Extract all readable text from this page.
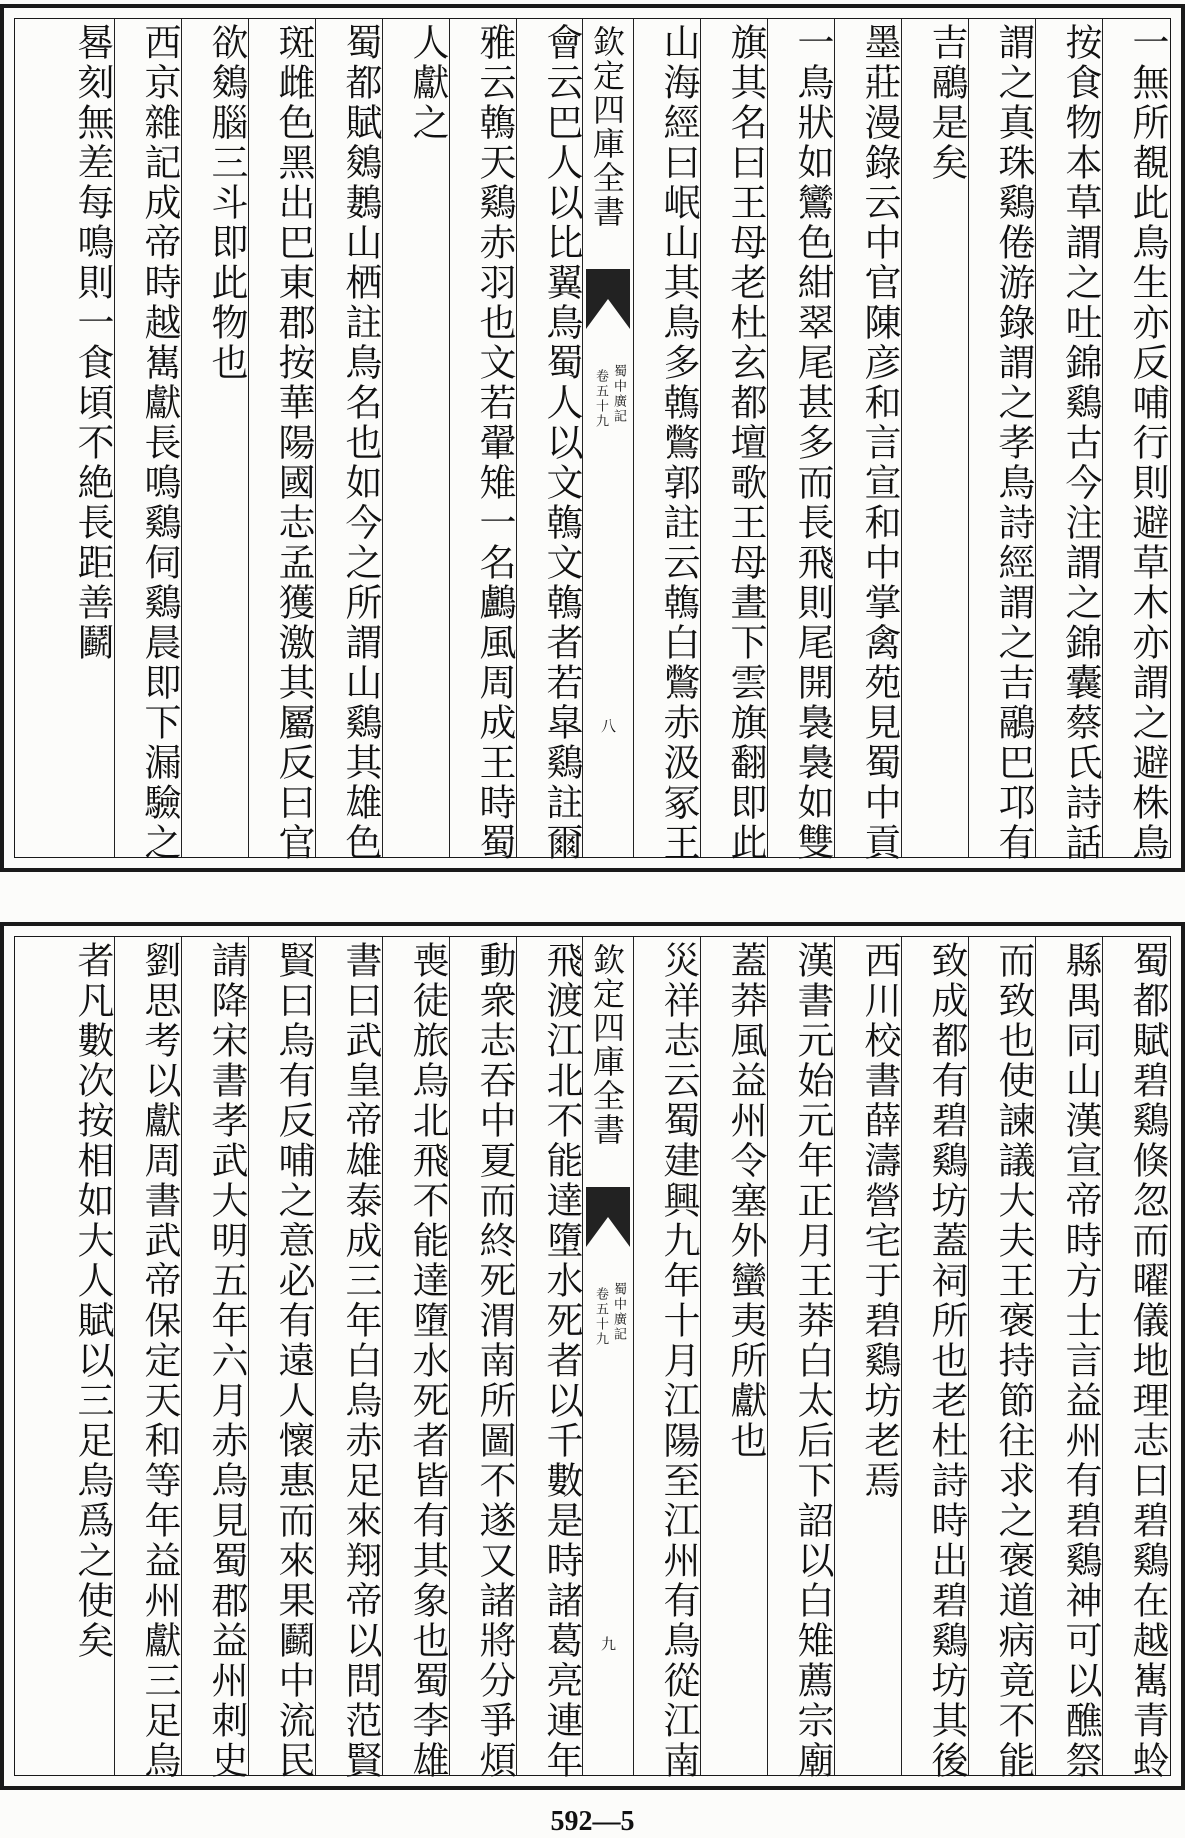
一無所覩此鳥生亦反哺行則避草木亦謂之避株鳥
按食物本草謂之吐錦鷄古今注謂之錦囊蔡氏詩話
謂之真珠鷄倦游錄謂之孝鳥詩經謂之吉鷊巴邛有
吉鷊是矣
墨莊漫錄云中官陳彦和言宣和中掌禽苑見蜀中貢
一鳥狀如鸞色紺翠尾甚多而長飛則尾開裊裊如雙
旗其名曰王母老杜玄都壇歌王母晝下雲旗翻即此
山海經曰岷山其鳥多鶾鷩郭註云鶾白鷩赤汲冢王
欽定四庫全書
蜀中廣記
卷五十九
八
會云巴人以比翼鳥蜀人以文鶾文鶾者若皐鷄註爾
雅云鶾天鷄赤羽也文若翬雉一名鸕風周成王時蜀
人獻之
蜀都賦鵕鶈山栖註鳥名也如今之所謂山鷄其雄色
斑雌色黑出巴東郡按華陽國志孟獲激其屬反曰官
欲鵕腦三斗即此物也
西京雜記成帝時越嶲獻長鳴鷄伺鷄晨即下漏驗之
晷刻無差每鳴則一食頃不絶長距善鬬
蜀都賦碧鷄倏忽而曜儀地理志曰碧鷄在越嶲青蛉
縣禺同山漢宣帝時方士言益州有碧鷄神可以醮祭
而致也使諫議大夫王褒持節往求之褒道病竟不能
致成都有碧鷄坊蓋祠所也老杜詩時出碧鷄坊其後
西川校書薛濤營宅于碧鷄坊老焉
漢書元始元年正月王莽白太后下詔以白雉薦宗廟
蓋莽風益州令塞外蠻夷所獻也
災祥志云蜀建興九年十月江陽至江州有鳥從江南
欽定四庫全書
蜀中廣記
卷五十九
九
飛渡江北不能達墮水死者以千數是時諸葛亮連年
動衆志吞中夏而終死渭南所圖不遂又諸將分爭煩
喪徒旅烏北飛不能達墮水死者皆有其象也蜀李雄
書曰武皇帝雄泰成三年白烏赤足來翔帝以問范賢
賢曰烏有反哺之意必有遠人懷惠而來果鬬中流民
請降宋書孝武大明五年六月赤烏見蜀郡益州刺史
劉思考以獻周書武帝保定天和等年益州獻三足烏
者凡數次按相如大人賦以三足烏爲之使矣
592—5
